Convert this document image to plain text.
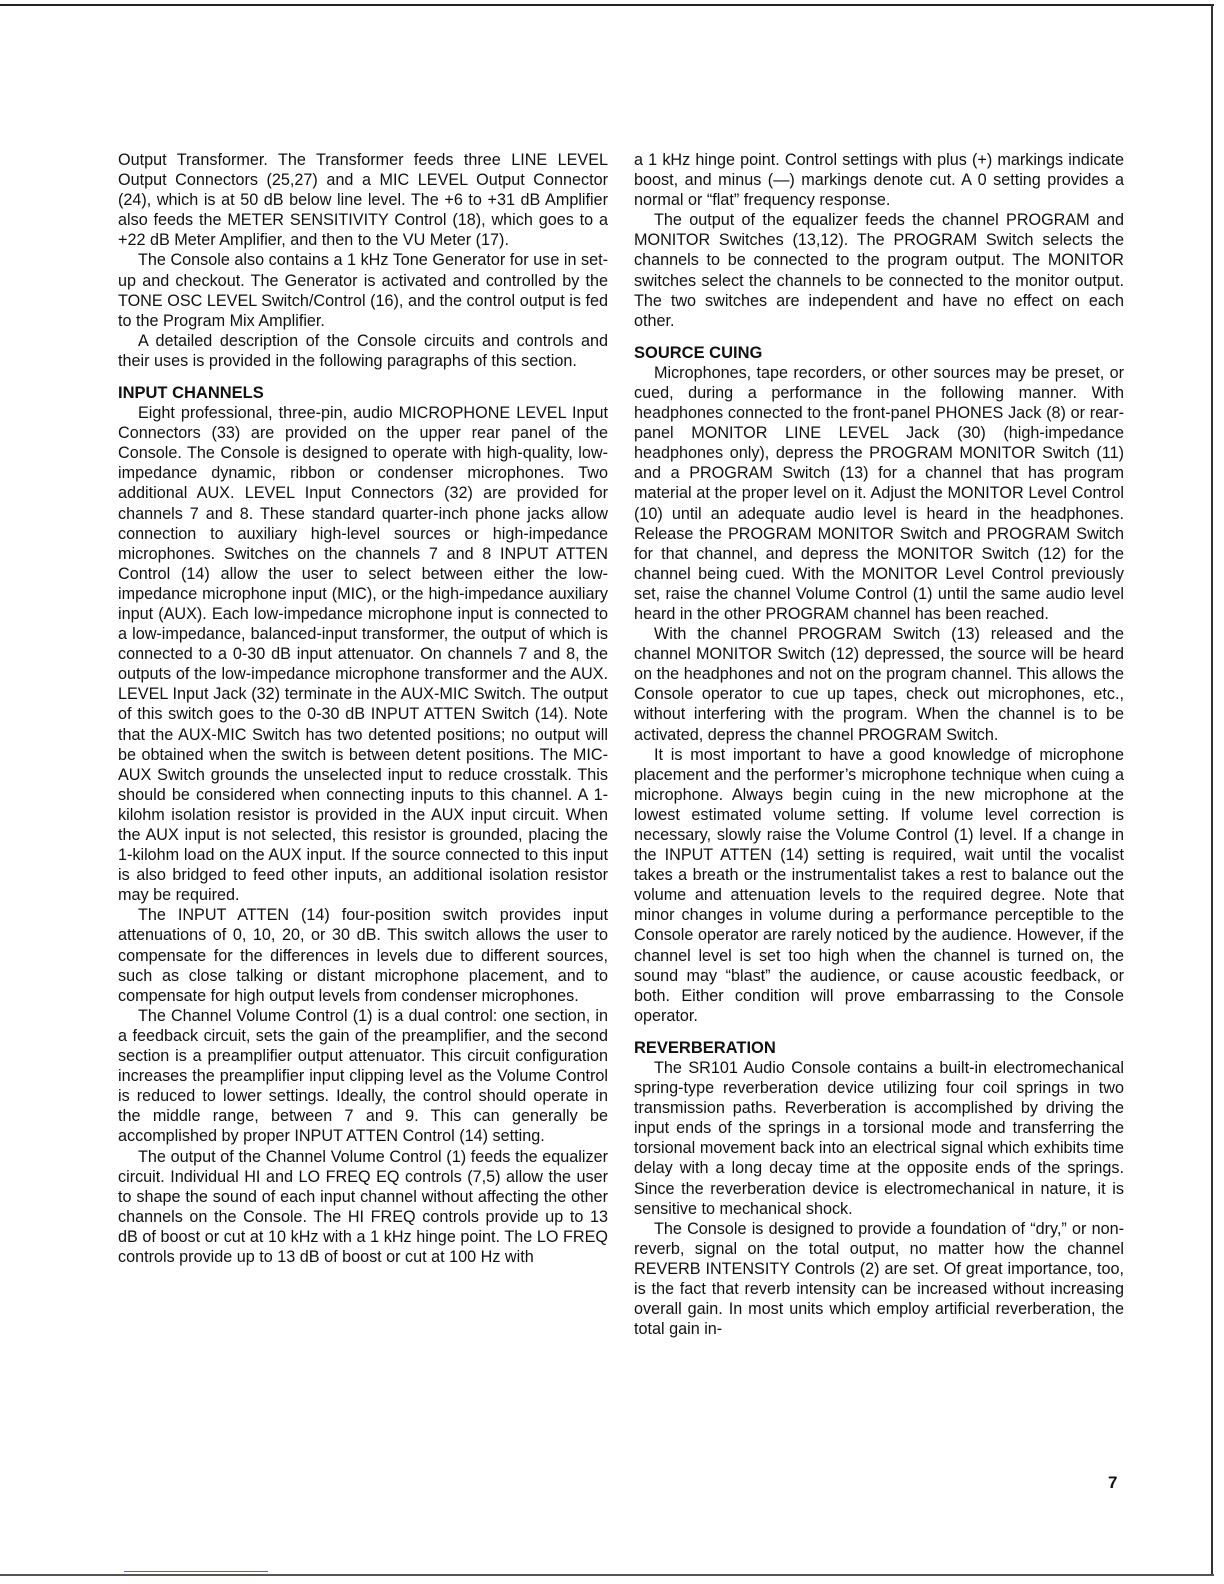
Output Transformer. The Transformer feeds three LINE LEVEL Output Connectors (25,27) and a MIC LEVEL Output Connector (24), which is at 50 dB below line level. The +6 to +31 dB Amplifier also feeds the METER SENSITIVITY Control (18), which goes to a +22 dB Meter Amplifier, and then to the VU Meter (17).

The Console also contains a 1 kHz Tone Generator for use in set-up and checkout. The Generator is activated and controlled by the TONE OSC LEVEL Switch/Control (16), and the control output is fed to the Program Mix Amplifier.

A detailed description of the Console circuits and controls and their uses is provided in the following paragraphs of this section.

INPUT CHANNELS

Eight professional, three-pin, audio MICROPHONE LEVEL Input Connectors (33) are provided on the upper rear panel of the Console. The Console is designed to operate with high-quality, low-impedance dynamic, ribbon or condenser microphones. Two additional AUX. LEVEL Input Connectors (32) are provided for channels 7 and 8. These standard quarter-inch phone jacks allow connection to auxiliary high-level sources or high-impedance microphones. Switches on the channels 7 and 8 INPUT ATTEN Control (14) allow the user to select between either the low-impedance microphone input (MIC), or the high-impedance auxiliary input (AUX). Each low-impedance microphone input is connected to a low-impedance, balanced-input transformer, the output of which is connected to a 0-30 dB input attenuator. On channels 7 and 8, the outputs of the low-impedance microphone transformer and the AUX. LEVEL Input Jack (32) terminate in the AUX-MIC Switch. The output of this switch goes to the 0-30 dB INPUT ATTEN Switch (14). Note that the AUX-MIC Switch has two detented positions; no output will be obtained when the switch is between detent positions. The MIC-AUX Switch grounds the unselected input to reduce crosstalk. This should be considered when connecting inputs to this channel. A 1-kilohm isolation resistor is provided in the AUX input circuit. When the AUX input is not selected, this resistor is grounded, placing the 1-kilohm load on the AUX input. If the source connected to this input is also bridged to feed other inputs, an additional isolation resistor may be required.

The INPUT ATTEN (14) four-position switch provides input attenuations of 0, 10, 20, or 30 dB. This switch allows the user to compensate for the differences in levels due to different sources, such as close talking or distant microphone placement, and to compensate for high output levels from condenser microphones.

The Channel Volume Control (1) is a dual control: one section, in a feedback circuit, sets the gain of the preamplifier, and the second section is a preamplifier output attenuator. This circuit configuration increases the preamplifier input clipping level as the Volume Control is reduced to lower settings. Ideally, the control should operate in the middle range, between 7 and 9. This can generally be accomplished by proper INPUT ATTEN Control (14) setting.

The output of the Channel Volume Control (1) feeds the equalizer circuit. Individual HI and LO FREQ EQ controls (7,5) allow the user to shape the sound of each input channel without affecting the other channels on the Console. The HI FREQ controls provide up to 13 dB of boost or cut at 10 kHz with a 1 kHz hinge point. The LO FREQ controls provide up to 13 dB of boost or cut at 100 Hz with

a 1 kHz hinge point. Control settings with plus (+) markings indicate boost, and minus (—) markings denote cut. A 0 setting provides a normal or “flat” frequency response.

The output of the equalizer feeds the channel PROGRAM and MONITOR Switches (13,12). The PROGRAM Switch selects the channels to be connected to the program output. The MONITOR switches select the channels to be connected to the monitor output. The two switches are independent and have no effect on each other.

SOURCE CUING

Microphones, tape recorders, or other sources may be preset, or cued, during a performance in the following manner. With headphones connected to the front-panel PHONES Jack (8) or rear-panel MONITOR LINE LEVEL Jack (30) (high-impedance headphones only), depress the PROGRAM MONITOR Switch (11) and a PROGRAM Switch (13) for a channel that has program material at the proper level on it. Adjust the MONITOR Level Control (10) until an adequate audio level is heard in the headphones. Release the PROGRAM MONITOR Switch and PROGRAM Switch for that channel, and depress the MONITOR Switch (12) for the channel being cued. With the MONITOR Level Control previously set, raise the channel Volume Control (1) until the same audio level heard in the other PROGRAM channel has been reached.

With the channel PROGRAM Switch (13) released and the channel MONITOR Switch (12) depressed, the source will be heard on the headphones and not on the program channel. This allows the Console operator to cue up tapes, check out microphones, etc., without interfering with the program. When the channel is to be activated, depress the channel PROGRAM Switch.

It is most important to have a good knowledge of microphone placement and the performer’s microphone technique when cuing a microphone. Always begin cuing in the new microphone at the lowest estimated volume setting. If volume level correction is necessary, slowly raise the Volume Control (1) level. If a change in the INPUT ATTEN (14) setting is required, wait until the vocalist takes a breath or the instrumentalist takes a rest to balance out the volume and attenuation levels to the required degree. Note that minor changes in volume during a performance perceptible to the Console operator are rarely noticed by the audience. However, if the channel level is set too high when the channel is turned on, the sound may “blast” the audience, or cause acoustic feedback, or both. Either condition will prove embarrassing to the Console operator.

REVERBERATION

The SR101 Audio Console contains a built-in electromechanical spring-type reverberation device utilizing four coil springs in two transmission paths. Reverberation is accomplished by driving the input ends of the springs in a torsional mode and transferring the torsional movement back into an electrical signal which exhibits time delay with a long decay time at the opposite ends of the springs. Since the reverberation device is electromechanical in nature, it is sensitive to mechanical shock.

The Console is designed to provide a foundation of “dry,” or non-reverb, signal on the total output, no matter how the channel REVERB INTENSITY Controls (2) are set. Of great importance, too, is the fact that reverb intensity can be increased without increasing overall gain. In most units which employ artificial reverberation, the total gain in-

7
